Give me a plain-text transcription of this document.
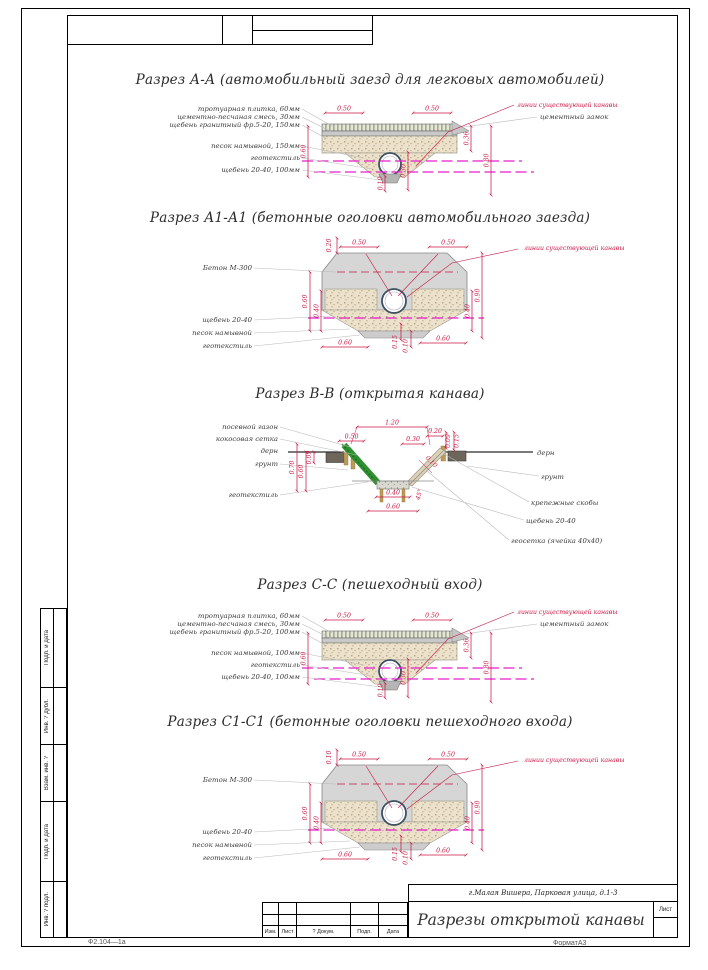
Подп. и дата
Инв. ? дубл.
Взам. инв. ?
Подп. и дата
Инв. ? подл.
Разрез А-А (автомобильный заезд для легковых автомобилей)
0.50	0.50
0.60
0.36
0.80
0.10
0.30
тротуарная плитка, 60мм
цементно-песчаная смесь, 30мм
щебень гранитный фр.5-20, 150мм
песок намывной, 150мм
геотекстиль
щебень 20-40, 100мм
линии существующей канавы
цементный замок
Разрез А1-А1 (бетонные оголовки автомобильного заезда)
0.20	0.50	0.50
0.60
0.40	0.40
0.90
0.60
0.60
0.15 0.10
Бетон М-300
щебень 20-40
песок намывной
геотекстиль
линии существующей канавы
Разрез В-В (открытая канава)
1.20
0.50	0.30
0.20
0.09 0.15
0.70 0.60
0.09
0.40
0.60
0.10
45°
посевной газон
кокосовая сетка
дерн
грунт
геотекстиль
дерн
грунт
крепежные скобы
щебень 20-40
геосетка (ячейка 40x40)
Разрез С-С (пешеходный вход)
0.50	0.50
0.60
0.36
0.80
0.10
0.30
тротуарная плитка, 60мм
цементно-песчаная смесь, 30мм
щебень гранитный фр.5-20, 100мм
песок намывной, 100мм
геотекстиль
щебень 20-40, 100мм
линии существующей канавы
цементный замок
Разрез С1-С1 (бетонные оголовки пешеходного входа)
0.10	0.50	0.50
0.60
0.40	0.40
0.90
0.60
0.60
0.15 0.10
Бетон М-300
щебень 20-40
песок намывной
геотекстиль
линии существующей канавы
Изм. Лист	? Докум.	Подп.	Дата
г.Малая Вишера, Парковая улица, д.1-3
Разрезы открытой канавы
Лист
Ф2.104—1а	ФорматА3
